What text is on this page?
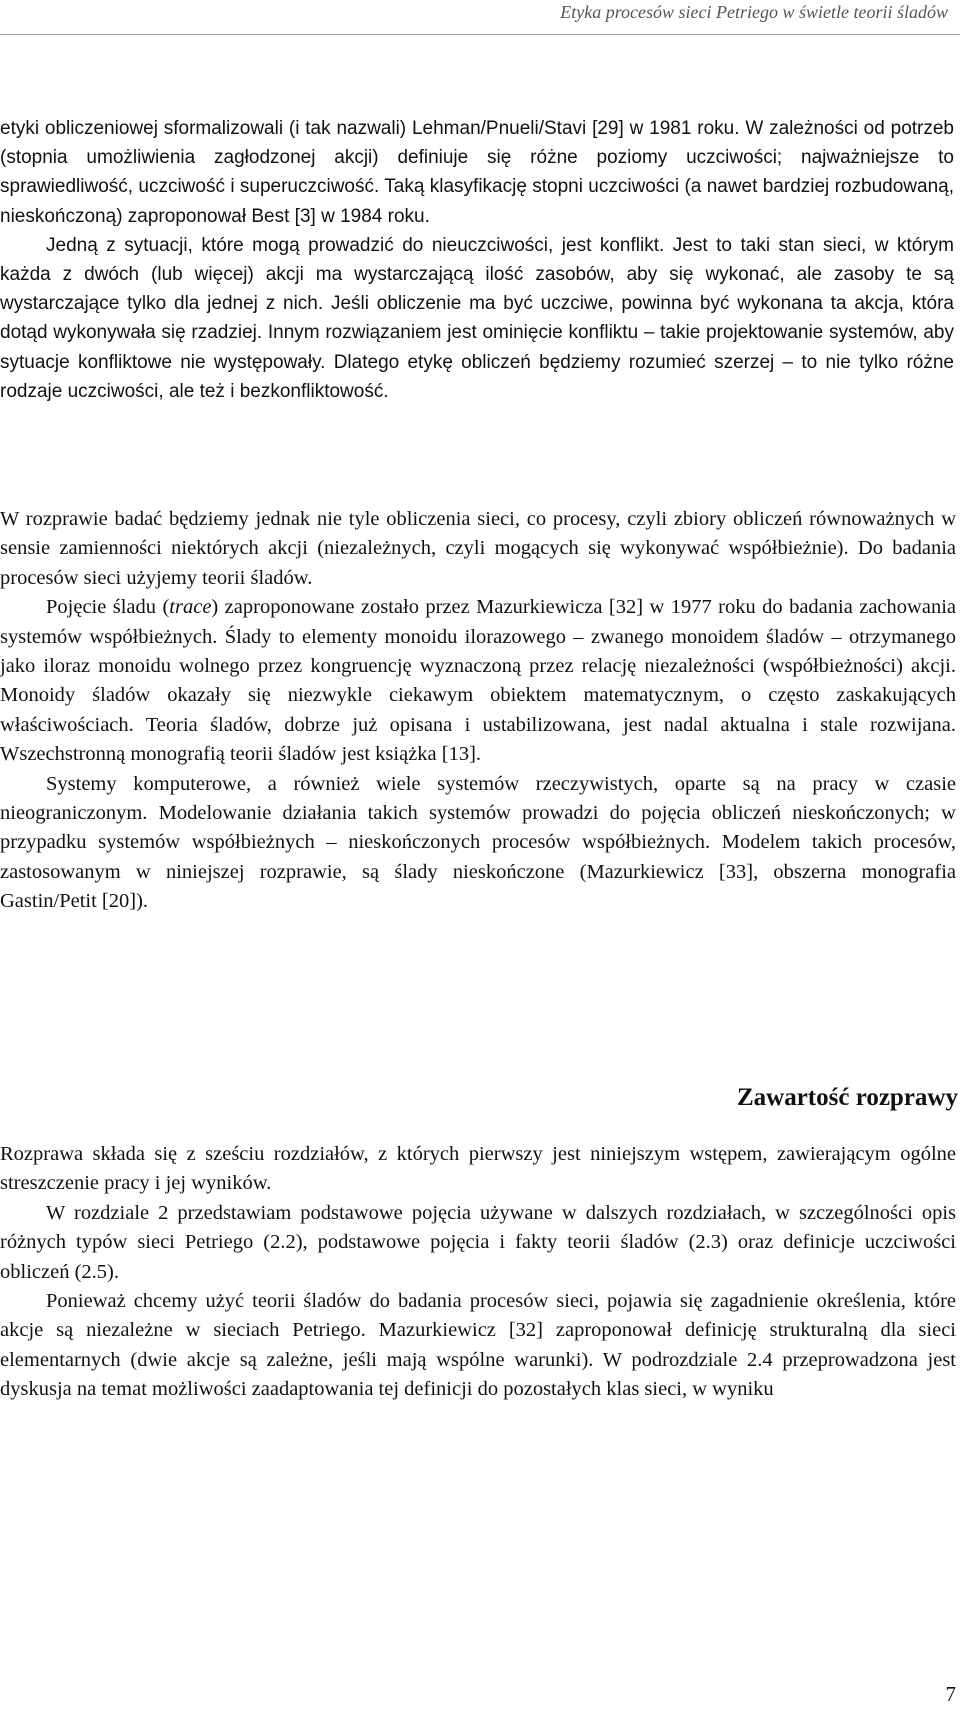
Etyka procesów sieci Petriego w świetle teorii śladów

etyki obliczeniowej sformalizowali (i tak nazwali) Lehman/Pnueli/Stavi [29] w 1981 roku. W zależności od potrzeb (stopnia umożliwienia zagłodzonej akcji) definiuje się różne poziomy uczciwości; najważniejsze to sprawiedliwość, uczciwość i superuczciwość. Taką klasyfikację stopni uczciwości (a nawet bardziej rozbudowaną, nieskończoną) zaproponował Best [3] w 1984 roku.

Jedną z sytuacji, które mogą prowadzić do nieuczciwości, jest konflikt. Jest to taki stan sieci, w którym każda z dwóch (lub więcej) akcji ma wystarczającą ilość zasobów, aby się wykonać, ale zasoby te są wystarczające tylko dla jednej z nich. Jeśli obliczenie ma być uczciwe, powinna być wykonana ta akcja, która dotąd wykonywała się rzadziej. Innym rozwiązaniem jest ominięcie konfliktu – takie projektowanie systemów, aby sytuacje konfliktowe nie występowały. Dlatego etykę obliczeń będziemy rozumieć szerzej – to nie tylko różne rodzaje uczciwości, ale też i bezkonfliktowość.

W rozprawie badać będziemy jednak nie tyle obliczenia sieci, co procesy, czyli zbiory obliczeń równoważnych w sensie zamienności niektórych akcji (niezależnych, czyli mogących się wykonywać współbieżnie). Do badania procesów sieci użyjemy teorii śladów.

Pojęcie śladu (trace) zaproponowane zostało przez Mazurkiewicza [32] w 1977 roku do badania zachowania systemów współbieżnych. Ślady to elementy monoidu ilorazowego – zwanego monoidem śladów – otrzymanego jako iloraz monoidu wolnego przez kongruencję wyznaczoną przez relację niezależności (współbieżności) akcji. Monoidy śladów okazały się niezwykle ciekawym obiektem matematycznym, o często zaskakujących właściwościach. Teoria śladów, dobrze już opisana i ustabilizowana, jest nadal aktualna i stale rozwijana. Wszechstronną monografią teorii śladów jest książka [13].

Systemy komputerowe, a również wiele systemów rzeczywistych, oparte są na pracy w czasie nieograniczonym. Modelowanie działania takich systemów prowadzi do pojęcia obliczeń nieskończonych; w przypadku systemów współbieżnych – nieskończonych procesów współbieżnych. Modelem takich procesów, zastosowanym w niniejszej rozprawie, są ślady nieskończone (Mazurkiewicz [33], obszerna monografia Gastin/Petit [20]).

Zawartość rozprawy

Rozprawa składa się z sześciu rozdziałów, z których pierwszy jest niniejszym wstępem, zawierającym ogólne streszczenie pracy i jej wyników.

W rozdziale 2 przedstawiam podstawowe pojęcia używane w dalszych rozdziałach, w szczególności opis różnych typów sieci Petriego (2.2), podstawowe pojęcia i fakty teorii śladów (2.3) oraz definicje uczciwości obliczeń (2.5).

Ponieważ chcemy użyć teorii śladów do badania procesów sieci, pojawia się zagadnienie określenia, które akcje są niezależne w sieciach Petriego. Mazurkiewicz [32] zaproponował definicję strukturalną dla sieci elementarnych (dwie akcje są zależne, jeśli mają wspólne warunki). W podrozdziale 2.4 przeprowadzona jest dyskusja na temat możliwości zaadaptowania tej definicji do pozostałych klas sieci, w wyniku

7
